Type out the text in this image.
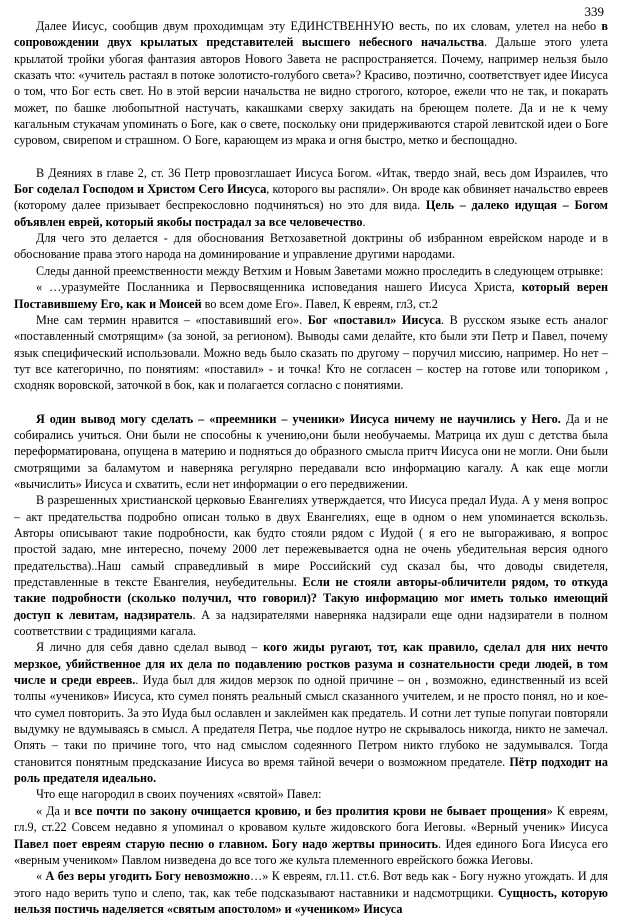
339

Далее Иисус, сообщив двум проходимцам эту ЕДИНСТВЕННУЮ весть, по их словам, улетел на небо в сопровождении двух крылатых представителей высшего небесного начальства. Дальше этого улета крылатой тройки убогая фантазия авторов Нового Завета не распространяется. Почему, например нельзя было сказать что: «учитель растаял в потоке золотисто-голубого света»? Красиво, поэтично, соответствует идее Иисуса о том, что Бог есть свет. Но в этой версии начальства не видно строгого, которое, ежели что не так, и покарать может, по башке любопытной настучать, какашками сверху закидать на бреющем полете. Да и не к чему кагальным стукачам упоминать о Боге, как о свете, поскольку они придерживаются старой левитской идеи о Боге суровом, свирепом и страшном. О Боге, карающем из мрака и огня быстро, метко и беспощадно.

В Деяниях в главе 2, ст. 36 Петр провозглашает Иисуса Богом. «Итак, твердо знай, весь дом Израилев, что Бог соделал Господом и Христом Сего Иисуса, которого вы распяли». Он вроде как обвиняет начальство евреев (которому далее призывает беспрекословно подчиняться) но это для вида. Цель – далеко идущая – Богом объявлен еврей, который якобы пострадал за все человечество.

Для чего это делается - для обоснования Ветхозаветной доктрины об избранном еврейском народе и в обоснование права этого народа на доминирование и управление другими народами.

Следы данной преемственности между Ветхим и Новым Заветами можно проследить в следующем отрывке:

« …уразумейте Посланника и Первосвященника исповедания нашего Иисуса Христа, который верен Поставившему Его, как и Моисей во всем доме Его». Павел, К евреям, гл3, ст.2

Мне сам термин нравится – «поставивший его». Бог «поставил» Иисуса. В русском языке есть аналог «поставленный смотрящим» (за зоной, за регионом). Выводы сами делайте, кто были эти Петр и Павел, почему язык специфический использовали. Можно ведь было сказать по другому – поручил миссию, например. Но нет – тут все категорично, по понятиям: «поставил» - и точка! Кто не согласен – костер на готове или топориком , сходняк воровской, заточкой в бок, как и полагается согласно с понятиями.

Я один вывод могу сделать – «преемники – ученики» Иисуса ничему не научились у Него. Да и не собирались учиться. Они были не способны к учению,они были необучаемы. Матрица их душ с детства была переформатирована, опущена в материю и подняться до образного смысла притч Иисуса они не могли. Они были смотрящими за баламутом и наверняка регулярно передавали всю информацию кагалу. А как еще могли «вычислить» Иисуса и схватить, если нет информации о его передвижении.

В разрешенных христианской церковью Евангелиях утверждается, что Иисуса предал Иуда. А у меня вопрос – акт предательства подробно описан только в двух Евангелиях, еще в одном о нем упоминается вскользь. Авторы описывают такие подробности, как будто стояли рядом с Иудой ( я его не выгораживаю, я вопрос простой задаю, мне интересно, почему 2000 лет пережевывается одна не очень убедительная версия одного предательства)..Наш самый справедливый в мире Российский суд сказал бы, что доводы свидетеля, представленные в тексте Евангелия, неубедительны. Если не стояли авторы-обличители рядом, то откуда такие подробности (сколько получил, что говорил)? Такую информацию мог иметь только имеющий доступ к левитам, надзиратель. А за надзирателями наверняка надзирали еще одни надзиратели в полном соответствии с традициями кагала.

Я лично для себя давно сделал вывод – кого жиды ругают, тот, как правило, сделал для них нечто мерзкое, убийственное для их дела по подавлению ростков разума и сознательности среди людей, в том числе и среди евреев.. Иуда был для жидов мерзок по одной причине – он , возможно, единственный из всей толпы «учеников» Иисуса, кто сумел понять реальный смысл сказанного учителем, и не просто понял, но и кое-что сумел повторить. За это Иуда был ославлен и заклеймен как предатель. И сотни лет тупые попугаи повторяли выдумку не вдумываясь в смысл. А предателя Петра, чье подлое нутро не скрывалось никогда, никто не замечал. Опять – таки по причине того, что над смыслом содеянного Петром никто глубоко не задумывался. Тогда становится понятным предсказание Иисуса во время тайной вечери о возможном предателе. Пётр подходит на роль предателя идеально.

Что еще нагородил в своих поучениях «святой» Павел:

« Да и все почти по закону очищается кровию, и без пролития крови не бывает прощения» К евреям, гл.9, ст.22 Совсем недавно я упоминал о кровавом культе жидовского бога Иеговы. «Верный ученик» Иисуса Павел поет евреям старую песню о главном. Богу надо жертвы приносить. Идея единого Бога Иисуса его «верным учеником» Павлом низведена до все того же культа племенного еврейского божка Иеговы.

« А без веры угодить Богу невозможно…» К евреям, гл.11. ст.6. Вот ведь как - Богу нужно угождать. И для этого надо верить тупо и слепо, так, как тебе подсказывают наставники и надсмотрщики. Сущность, которую нельзя постичь наделяется «святым апостолом» и «учеником» Иисуса
